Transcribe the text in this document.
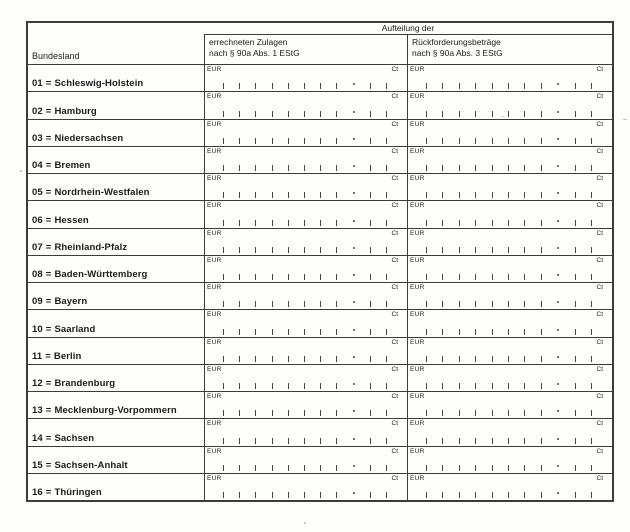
Bundesland
Aufteilung der
errechneten Zulagen
nach § 90a Abs. 1 EStG
Rückforderungsbeträge
nach § 90a Abs. 3 EStG
01 = Schleswig-Holstein
EUR	Ct EUR	Ct
02 = Hamburg
EUR	Ct EUR	Ct
03 = Niedersachsen
EUR	Ct EUR	Ct
04 = Bremen
EUR	Ct EUR	Ct
05 = Nordrhein-Westfalen
EUR	Ct EUR	Ct
06 = Hessen
EUR	Ct EUR	Ct
07 = Rheinland-Pfalz
EUR	Ct EUR	Ct
08 = Baden-Württemberg
EUR	Ct EUR	Ct
09 = Bayern
EUR	Ct EUR	Ct
10 = Saarland
EUR	Ct EUR	Ct
11 = Berlin
EUR	Ct EUR	Ct
12 = Brandenburg
EUR	Ct EUR	Ct
13 = Mecklenburg-Vorpommern
EUR	Ct EUR	Ct
14 = Sachsen
EUR	Ct EUR	Ct
15 = Sachsen-Anhalt
EUR	Ct EUR	Ct
16 = Thüringen
EUR	Ct EUR	Ct
